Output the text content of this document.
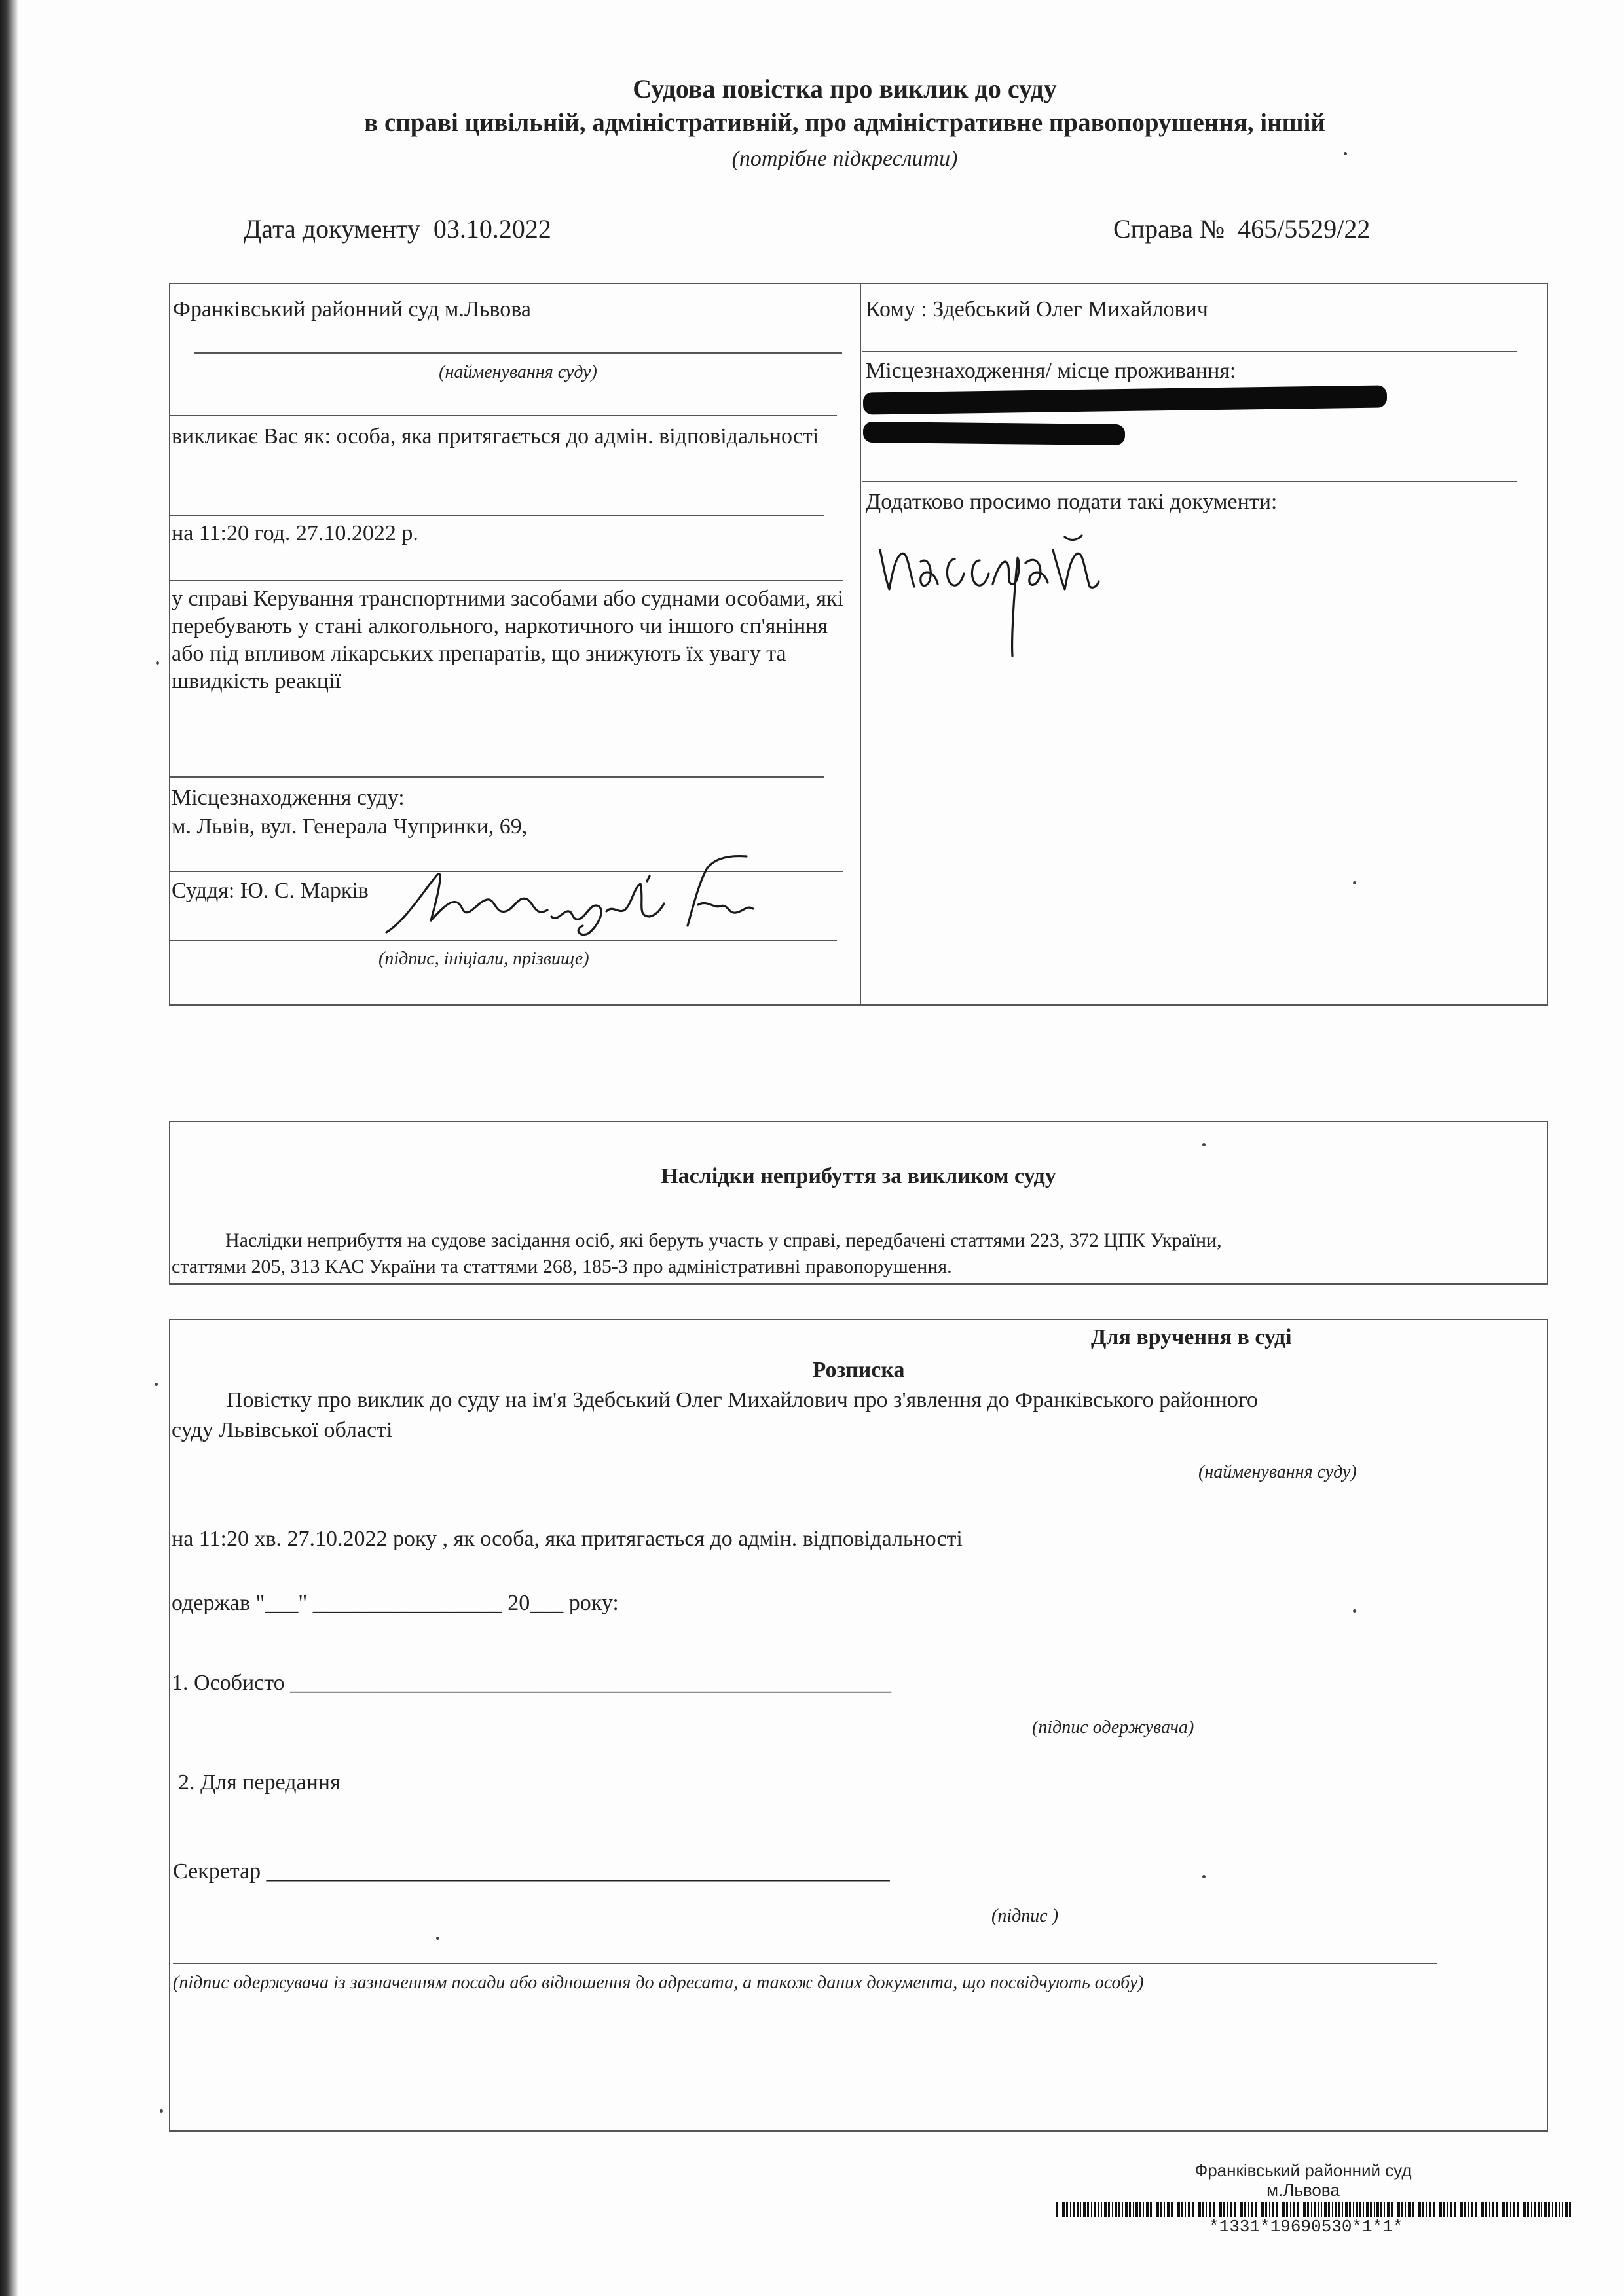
Судова повістка про виклик до суду
в справі цивільній, адміністративній, про адміністративне правопорушення, іншій
(потрібне підкреслити)
Дата документу 03.10.2022	Справа № 465/5529/22
Франківський районний суд м.Львова
(найменування суду)
викликає Вас як: особа, яка притягається до адмін. відповідальності
на 11:20 год. 27.10.2022 р.
у справі Керування транспортними засобами або суднами особами, які перебувають у стані алкогольного, наркотичного чи іншого сп'яніння або під впливом лікарських препаратів, що знижують їх увагу та швидкість реакції
Місцезнаходження суду:
м. Львів, вул. Генерала Чупринки, 69,
Суддя: Ю. С. Марків
(підпис, ініціали, прізвище)
Кому : Здебський Олег Михайлович
Місцезнаходження/ місце проживання:
Додатково просимо подати такі документи:
Наслідки неприбуття за викликом суду
Наслідки неприбуття на судове засідання осіб, які беруть участь у справі, передбачені статтями 223, 372 ЦПК України,
статтями 205, 313 КАС України та статтями 268, 185-3 про адміністративні правопорушення.
Для вручення в суді
Розписка
Повістку про виклик до суду на ім'я Здебський Олег Михайлович про з'явлення до Франківського районного
суду Львівської області
(найменування суду)
на 11:20 хв. 27.10.2022 року , як особа, яка притягається до адмін. відповідальності
одержав "___" _________________ 20___ року:
1. Особисто ______________________________________________________
(підпис одержувача)
2. Для передання
Секретар ________________________________________________________
(підпис )
(підпис одержувача із зазначенням посади або відношення до адресата, а також даних документа, що посвідчують особу)
Франківський районний суд
м.Львова
*1331*19690530*1*1*
